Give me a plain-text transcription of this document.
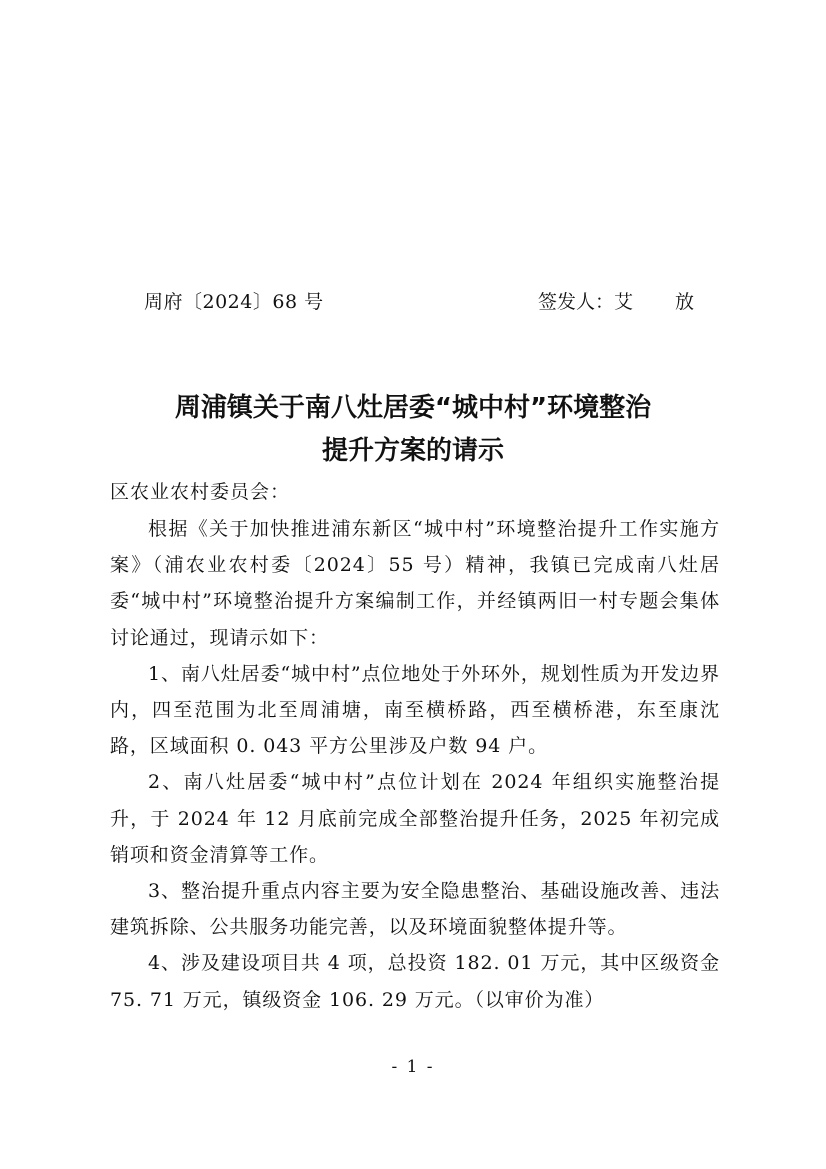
周府〔2024〕68 号	签发人：艾 放
周浦镇关于南八灶居委“城中村”环境整治
提升方案的请示
区农业农村委员会：

根据《关于加快推进浦东新区“城中村”环境整治提升工作实施方案》（浦农业农村委〔2024〕55 号）精神，我镇已完成南八灶居委“城中村”环境整治提升方案编制工作，并经镇两旧一村专题会集体讨论通过，现请示如下：

1、南八灶居委“城中村”点位地处于外环外，规划性质为开发边界内，四至范围为北至周浦塘，南至横桥路，西至横桥港，东至康沈路，区域面积 0. 043 平方公里涉及户数 94 户。

2、南八灶居委“城中村”点位计划在 2024 年组织实施整治提升，于 2024 年 12 月底前完成全部整治提升任务，2025 年初完成销项和资金清算等工作。

3、整治提升重点内容主要为安全隐患整治、基础设施改善、违法建筑拆除、公共服务功能完善，以及环境面貌整体提升等。

4、涉及建设项目共 4 项，总投资 182. 01 万元，其中区级资金 75. 71 万元，镇级资金 106. 29 万元。（以审价为准）

- 1 -
